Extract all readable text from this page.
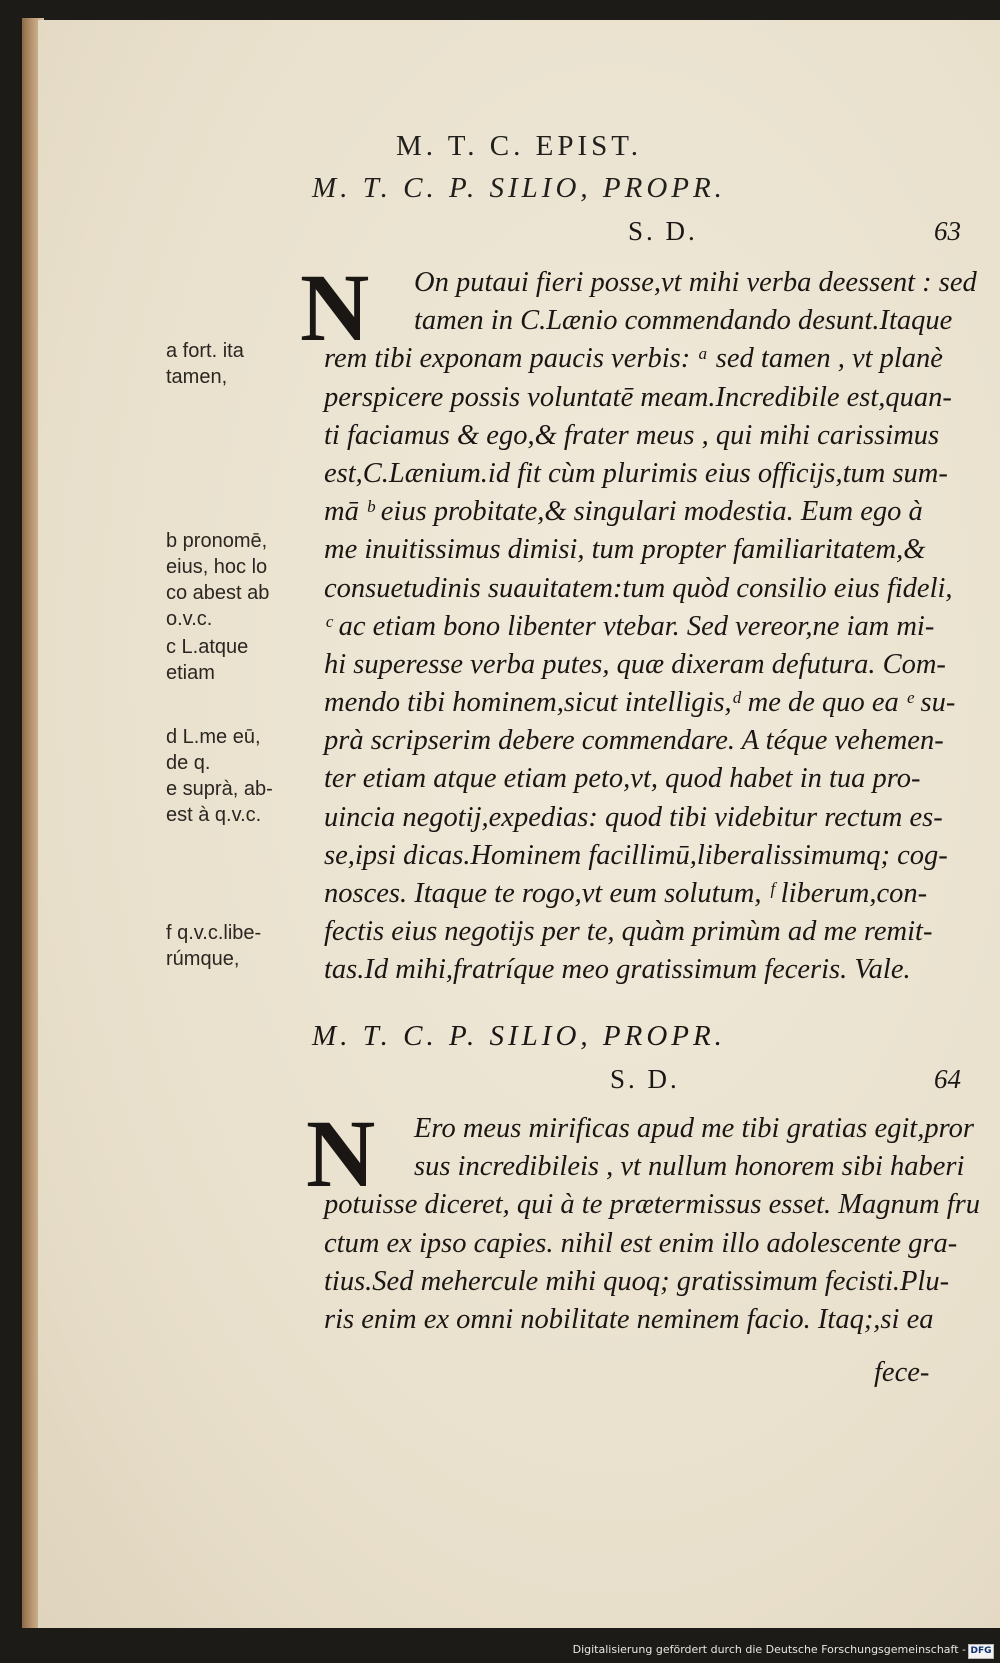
M. T. C. EPIST.
M. T. C. P. SILIO, PROPR.
S. D.	63
N	On putaui fieri posse,vt mihi verba deessent : sed
tamen in C.Lænio commendando desunt.Itaque
rem tibi exponam paucis verbis: ᵃ sed tamen , vt planè
perspicere possis voluntatē meam.Incredibile est,quan-
ti faciamus & ego,& frater meus , qui mihi carissimus
est,C.Lænium.id fit cùm plurimis eius officijs,tum sum-
mā ᵇ eius probitate,& singulari modestia. Eum ego à
me inuitissimus dimisi, tum propter familiaritatem,&
consuetudinis suauitatem:tum quòd consilio eius fideli,
ᶜ ac etiam bono libenter vtebar. Sed vereor,ne iam mi-
hi superesse verba putes, quæ dixeram defutura. Com-
mendo tibi hominem,sicut intelligis,ᵈ me de quo ea ᵉ su-
prà scripserim debere commendare. A téque vehemen-
ter etiam atque etiam peto,vt, quod habet in tua pro-
uincia negotij,expedias: quod tibi videbitur rectum es-
se,ipsi dicas.Hominem facillimū,liberalissimumq; cog-
nosces. Itaque te rogo,vt eum solutum, ᶠ liberum,con-
fectis eius negotijs per te, quàm primùm ad me remit-
tas.Id mihi,fratríque meo gratissimum feceris. Vale.
a fort. ita
tamen,
b pronomē,
eius, hoc lo
co abest ab
o.v.c.
c L.atque
etiam
d L.me eū,
de q.
e suprà, ab-
est à q.v.c.
f q.v.c.libe-
rúmque,
M. T. C. P. SILIO, PROPR.
S. D.	64
N	Ero meus mirificas apud me tibi gratias egit,pror
sus incredibileis , vt nullum honorem sibi haberi
potuisse diceret, qui à te prætermissus esset. Magnum fru
ctum ex ipso capies. nihil est enim illo adolescente gra-
tius.Sed mehercule mihi quoq; gratissimum fecisti.Plu-
ris enim ex omni nobilitate neminem facio. Itaq;,si ea
fece-
Digitalisierung gefördert durch die Deutsche Forschungsgemeinschaft - DFG
